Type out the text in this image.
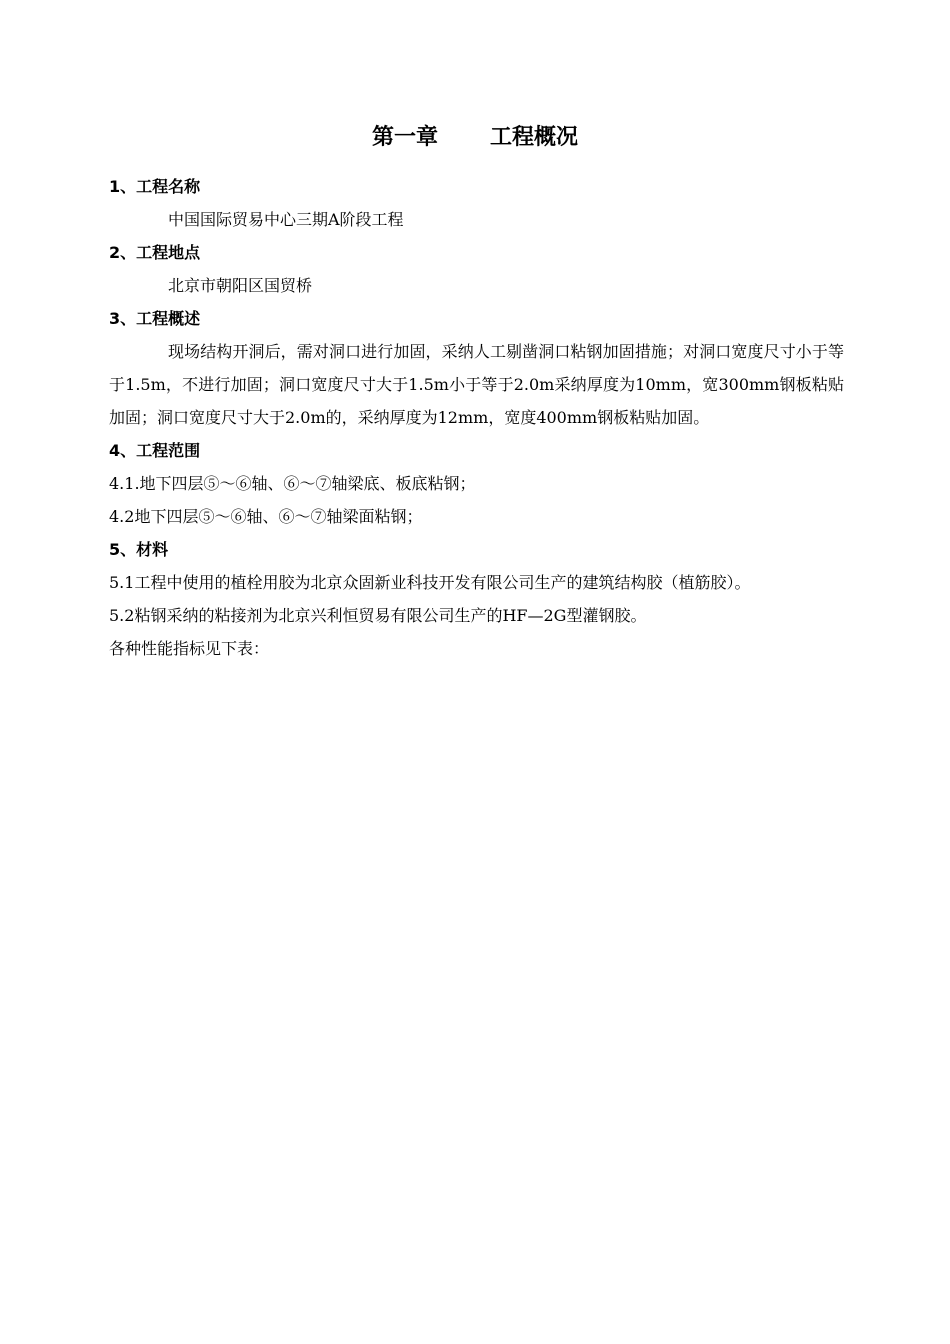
第一章 工程概况

1、工程名称

中国国际贸易中心三期A阶段工程

2、工程地点

北京市朝阳区国贸桥

3、工程概述

现场结构开洞后，需对洞口进行加固，采纳人工剔凿洞口粘钢加固措施；对洞口宽度尺寸小于等于1.5m，不进行加固；洞口宽度尺寸大于1.5m小于等于2.0m采纳厚度为10mm，宽300mm钢板粘贴加固；洞口宽度尺寸大于2.0m的，采纳厚度为12mm，宽度400mm钢板粘贴加固。

4、工程范围

4.1.地下四层⑤～⑥轴、⑥～⑦轴梁底、板底粘钢；

4.2地下四层⑤～⑥轴、⑥～⑦轴梁面粘钢；

5、材料

5.1工程中使用的植栓用胶为北京众固新业科技开发有限公司生产的建筑结构胶（植筋胶）。

5.2粘钢采纳的粘接剂为北京兴利恒贸易有限公司生产的HF—2G型灌钢胶。

各种性能指标见下表：
